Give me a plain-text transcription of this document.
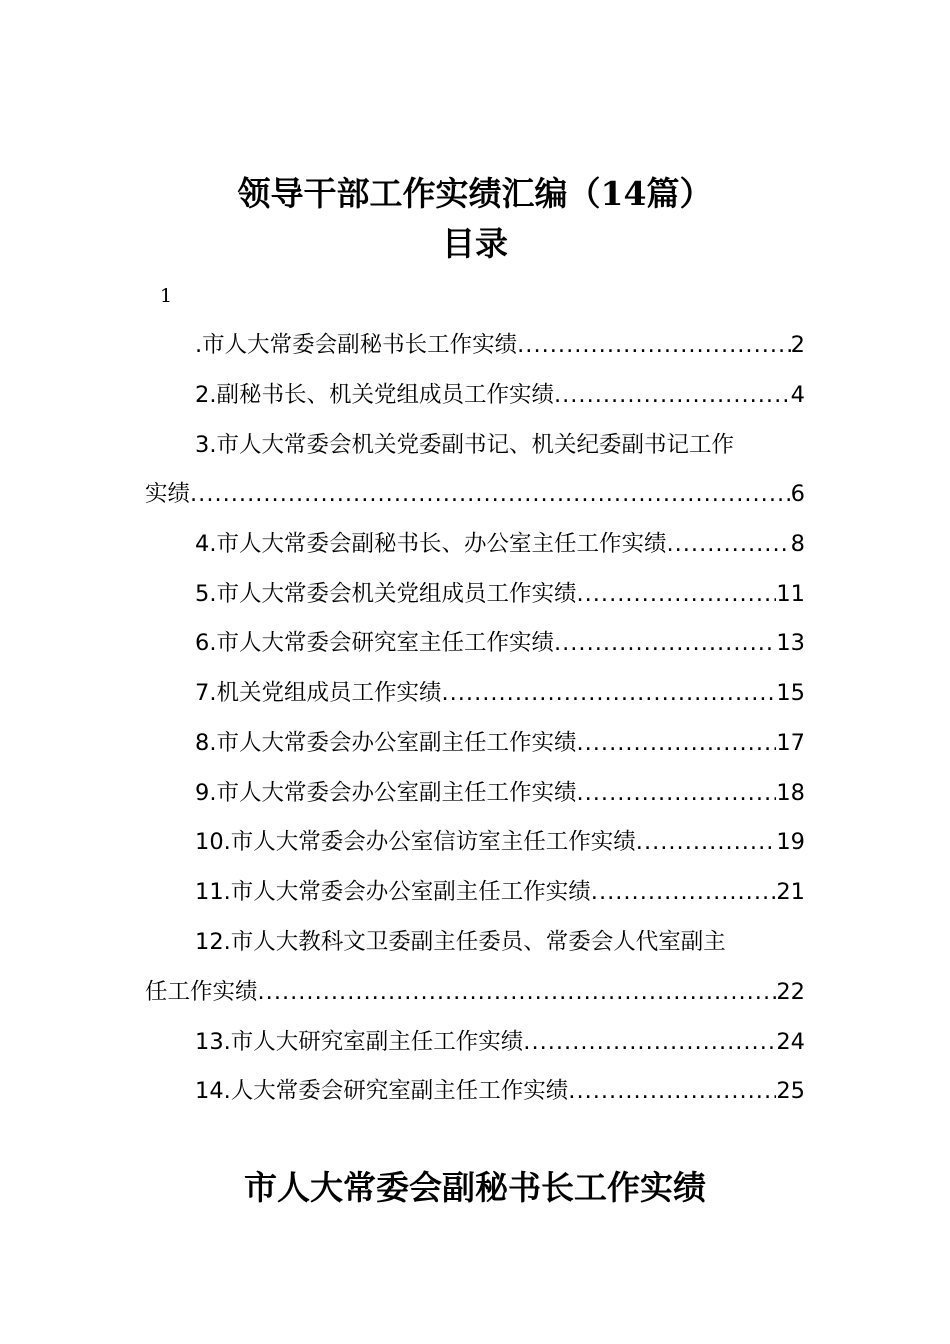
领导干部工作实绩汇编（14篇）
目录
1
.市人大常委会副秘书长工作实绩 .....	2
2.副秘书长、机关党组成员工作实绩 .....	4
3.市人大常委会机关党委副书记、机关纪委副书记工作
实绩 .....	6
4.市人大常委会副秘书长、办公室主任工作实绩 .....	8
5.市人大常委会机关党组成员工作实绩 .....	11
6.市人大常委会研究室主任工作实绩 .....	13
7.机关党组成员工作实绩 .....	15
8.市人大常委会办公室副主任工作实绩 .....	17
9.市人大常委会办公室副主任工作实绩 .....	18
10.市人大常委会办公室信访室主任工作实绩 .....	19
11.市人大常委会办公室副主任工作实绩 .....	21
12.市人大教科文卫委副主任委员、常委会人代室副主
任工作实绩 .....	22
13.市人大研究室副主任工作实绩 .....	24
14.人大常委会研究室副主任工作实绩 .....	25
市人大常委会副秘书长工作实绩
